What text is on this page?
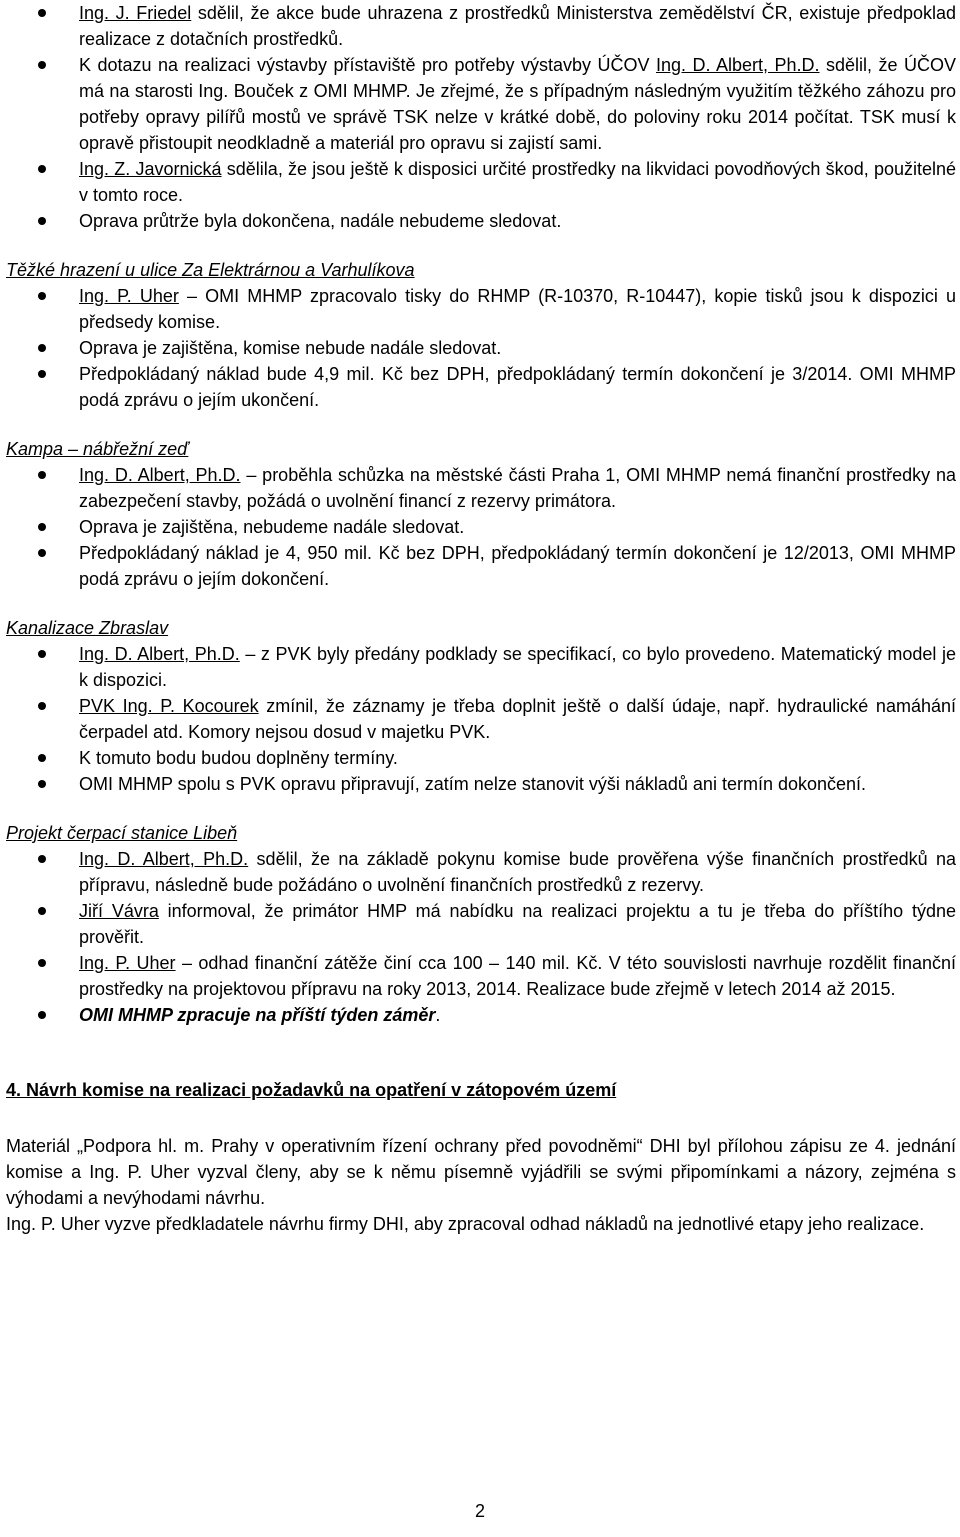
Ing. J. Friedel sdělil, že akce bude uhrazena z prostředků Ministerstva zemědělství ČR, existuje předpoklad realizace z dotačních prostředků.
K dotazu na realizaci výstavby přístaviště pro potřeby výstavby ÚČOV Ing. D. Albert, Ph.D. sdělil, že ÚČOV má na starosti Ing. Bouček z OMI MHMP. Je zřejmé, že s případným následným využitím těžkého záhozu pro potřeby opravy pilířů mostů ve správě TSK nelze v krátké době, do poloviny roku 2014 počítat. TSK musí k opravě přistoupit neodkladně a materiál pro opravu si zajistí sami.
Ing. Z. Javornická sdělila, že jsou ještě k disposici určité prostředky na likvidaci povodňových škod, použitelné v tomto roce.
Oprava průtrže byla dokončena, nadále nebudeme sledovat.

Těžké hrazení u ulice Za Elektrárnou a Varhulíkova

Ing. P. Uher – OMI MHMP zpracovalo tisky do RHMP (R-10370, R-10447), kopie tisků jsou k dispozici u předsedy komise.
Oprava je zajištěna, komise nebude nadále sledovat.
Předpokládaný náklad bude 4,9 mil. Kč bez DPH, předpokládaný termín dokončení je 3/2014. OMI MHMP podá zprávu o jejím ukončení.

Kampa – nábřežní zeď

Ing. D. Albert, Ph.D. – proběhla schůzka na městské části Praha 1, OMI MHMP nemá finanční prostředky na zabezpečení stavby, požádá o uvolnění financí z rezervy primátora.
Oprava je zajištěna, nebudeme nadále sledovat.
Předpokládaný náklad je 4, 950 mil. Kč bez DPH, předpokládaný termín dokončení je 12/2013, OMI MHMP podá zprávu o jejím dokončení.

Kanalizace Zbraslav

Ing. D. Albert, Ph.D. – z PVK byly předány podklady se specifikací, co bylo provedeno. Matematický model je k dispozici.
PVK Ing. P. Kocourek zmínil, že záznamy je třeba doplnit ještě o další údaje, např. hydraulické namáhání čerpadel atd. Komory nejsou dosud v majetku PVK.
K tomuto bodu budou doplněny termíny.
OMI MHMP spolu s PVK opravu připravují, zatím nelze stanovit výši nákladů ani termín dokončení.

Projekt čerpací stanice Libeň

Ing. D. Albert, Ph.D. sdělil, že na základě pokynu komise bude prověřena výše finančních prostředků na přípravu, následně bude požádáno o uvolnění finančních prostředků z rezervy.
Jiří Vávra informoval, že primátor HMP má nabídku na realizaci projektu a tu je třeba do příštího týdne prověřit.
Ing. P. Uher – odhad finanční zátěže činí cca 100 – 140 mil. Kč. V této souvislosti navrhuje rozdělit finanční prostředky na projektovou přípravu na roky 2013, 2014. Realizace bude zřejmě v letech 2014 až 2015.
OMI MHMP zpracuje na příští týden záměr.

4. Návrh komise na realizaci požadavků na opatření v zátopovém území

Materiál „Podpora hl. m. Prahy v operativním řízení ochrany před povodněmi“ DHI byl přílohou zápisu ze 4. jednání komise a Ing. P. Uher vyzval členy, aby se k němu písemně vyjádřili se svými připomínkami a názory, zejména s výhodami a nevýhodami návrhu.

Ing. P. Uher vyzve předkladatele návrhu firmy DHI, aby zpracoval odhad nákladů na jednotlivé etapy jeho realizace.

2
